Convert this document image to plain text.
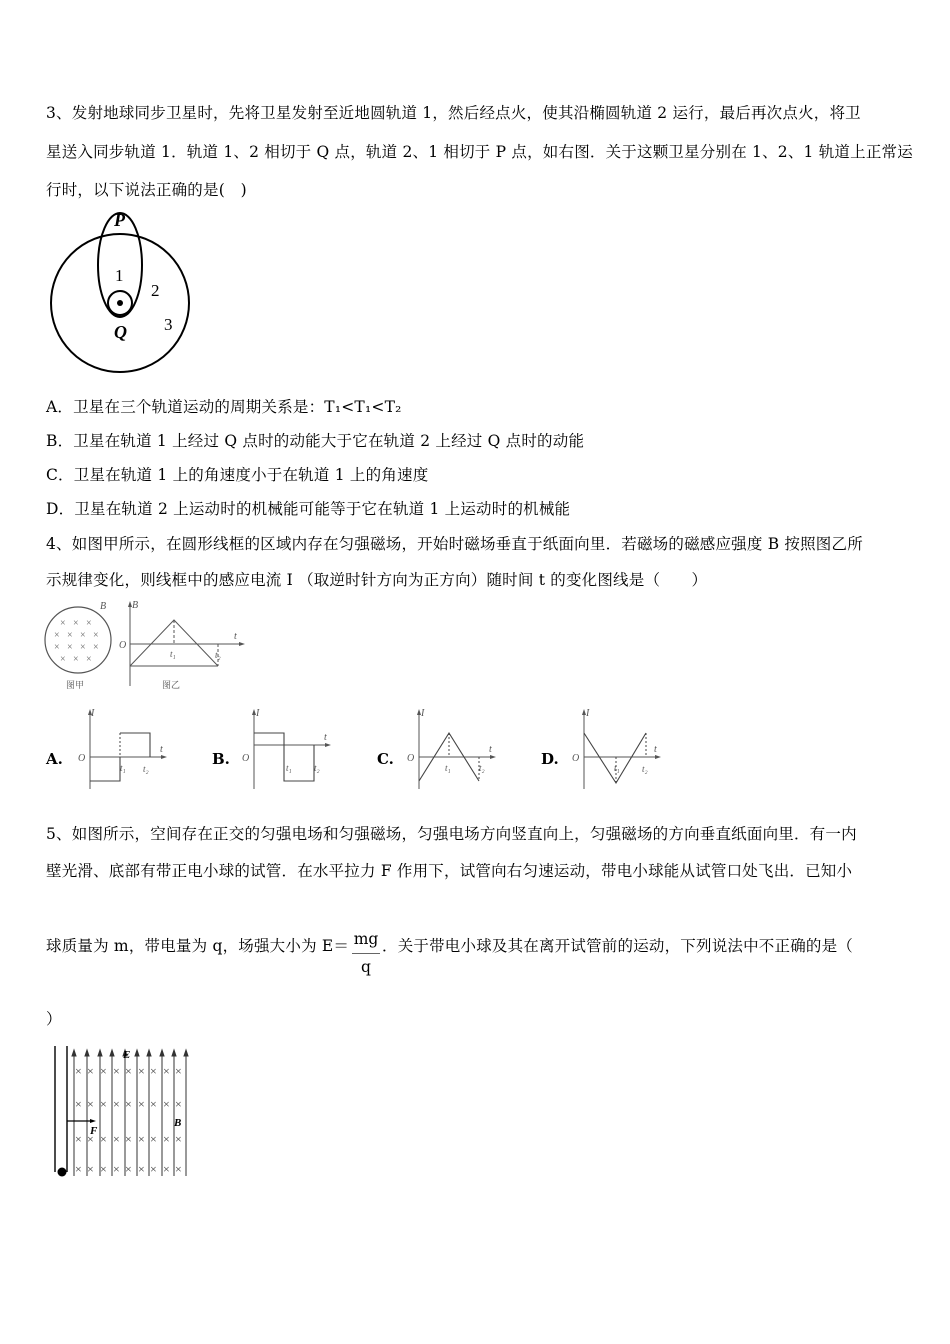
3、发射地球同步卫星时，先将卫星发射至近地圆轨道 1，然后经点火，使其沿椭圆轨道 2 运行，最后再次点火，将卫
星送入同步轨道 1．轨道 1、2 相切于 Q 点，轨道 2、1 相切于 P 点，如右图．关于这颗卫星分别在 1、2、1 轨道上正常运
行时，以下说法正确的是(　)
P
Q
1
2
3
A．卫星在三个轨道运动的周期关系是：T₁<T₁<T₂
B．卫星在轨道 1 上经过 Q 点时的动能大于它在轨道 2 上经过 Q 点时的动能
C．卫星在轨道 1 上的角速度小于在轨道 1 上的角速度
D．卫星在轨道 2 上运动时的机械能可能等于它在轨道 1 上运动时的机械能
4、如图甲所示，在圆形线框的区域内存在匀强磁场，开始时磁场垂直于纸面向里．若磁场的磁感应强度 B 按照图乙所
示规律变化，则线框中的感应电流 I （取逆时针方向为正方向）随时间 t 的变化图线是（　　）
× × ×
× × × ×
× × × ×
× × ×
B
图甲
B
O
t
t₁	t₂
图乙
A.
I
O
t
t₁ t₂
B.
I
O
t
t₁ t₂	C.
I
O
t
t₁	t₂	D.
I
O
t
t₁ t₂
5、如图所示，空间存在正交的匀强电场和匀强磁场，匀强电场方向竖直向上，匀强磁场的方向垂直纸面向里．有一内
壁光滑、底部有带正电小球的试管．在水平拉力 F 作用下，试管向右匀速运动，带电小球能从试管口处飞出．已知小
球质量为 m，带电量为 q，场强大小为 E＝ mg
q
．关于带电小球及其在离开试管前的运动，下列说法中不正确的是（
）
× × × × × × × × ×
× × × × × × × × ×
× × × × × × × × ×
× × × × × × × × ×
E
F
B
